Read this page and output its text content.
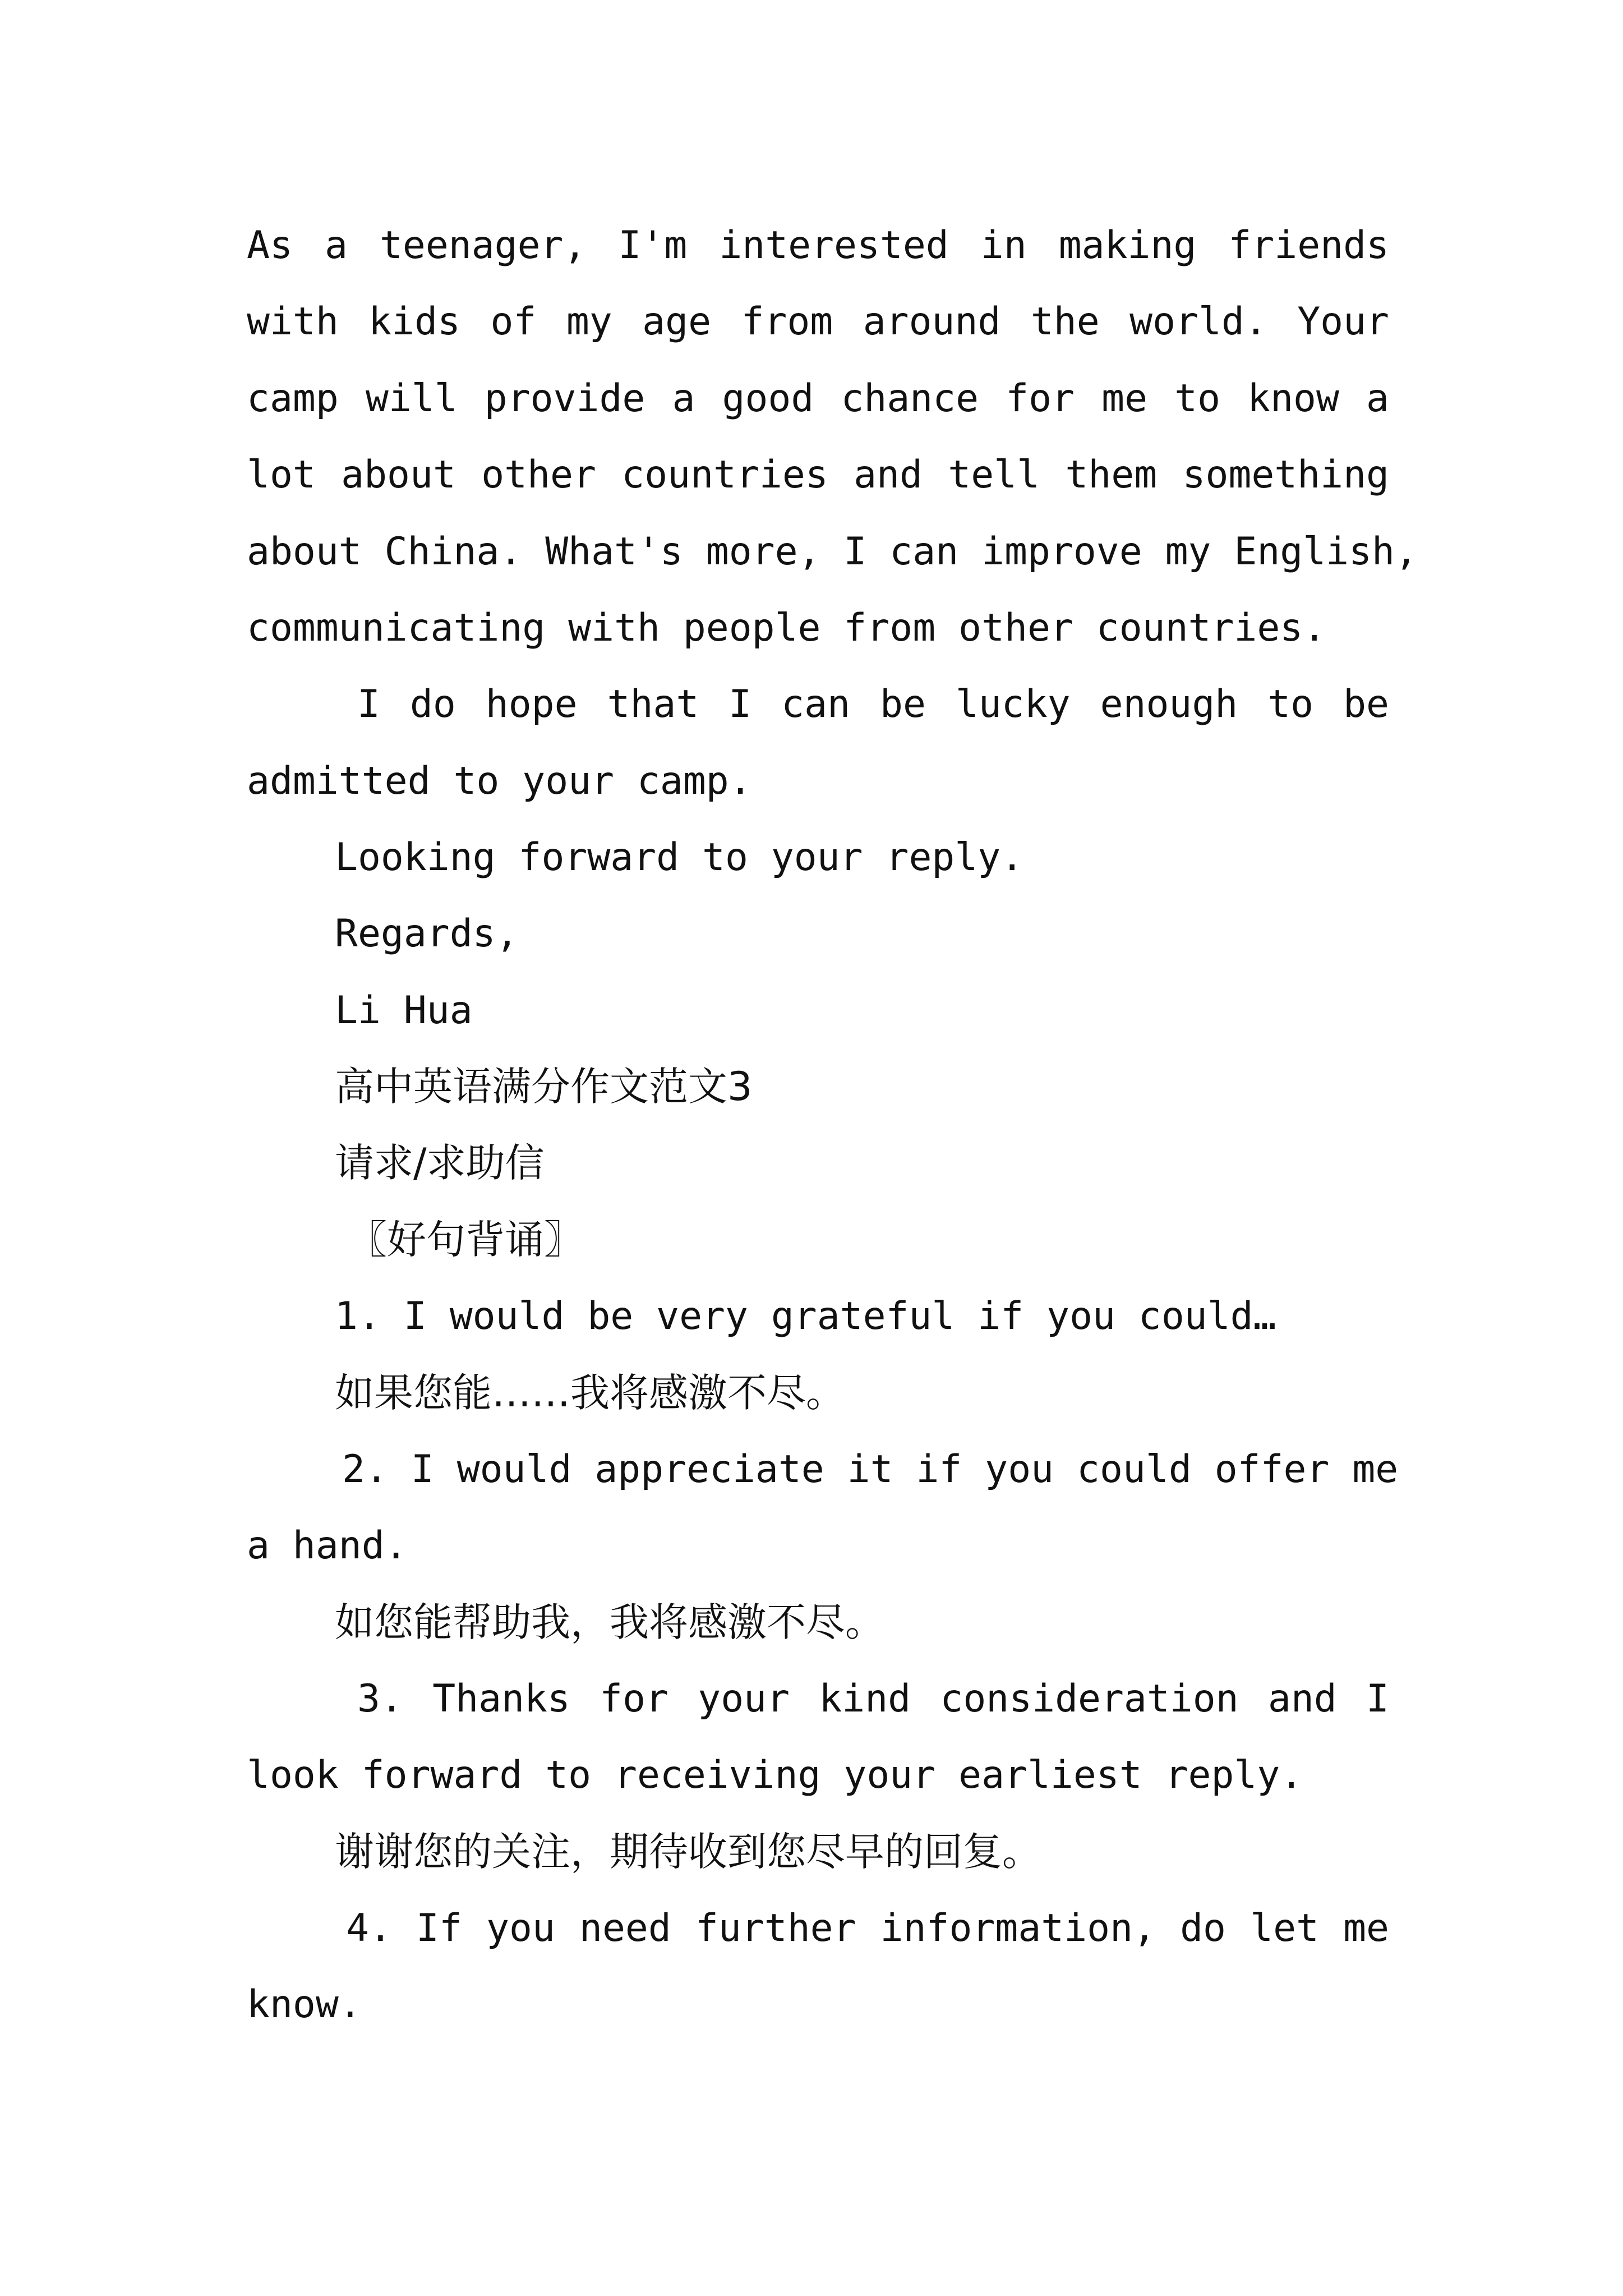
As a teenager, I'm interested in making friends
with kids of my age from around the world. Your
camp will provide a good chance for me to know a
lot about other countries and tell them something
about China. What's more, I can improve my English,
communicating with people from other countries.
I do hope that I can be lucky enough to be
admitted to your camp.
Looking forward to your reply.
Regards,
Li Hua
高中英语满分作文范文3
请求/求助信
〖好句背诵〗
1. I would be very grateful if you could…
如果您能……我将感激不尽。
2. I would appreciate it if you could offer me
a hand.
如您能帮助我，我将感激不尽。
3. Thanks for your kind consideration and I
look forward to receiving your earliest reply.
谢谢您的关注，期待收到您尽早的回复。
4. If you need further information, do let me
know.
